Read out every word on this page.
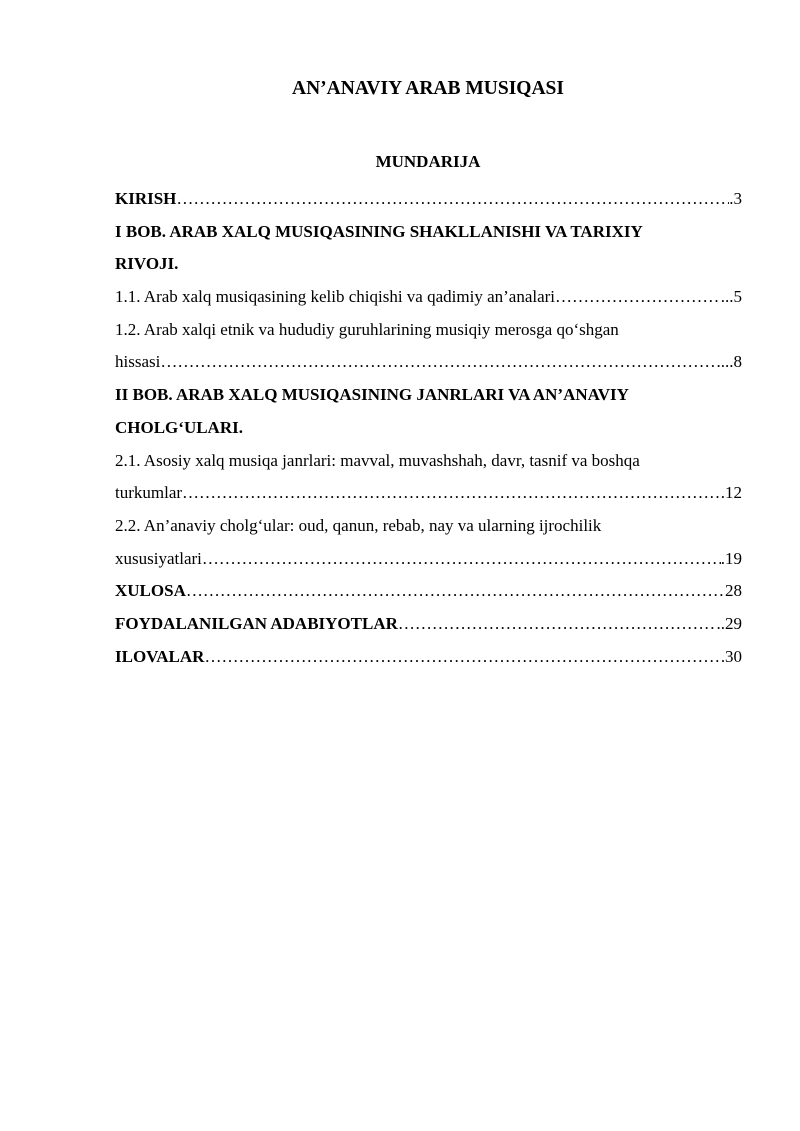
AN’ANAVIY ARAB MUSIQASI
MUNDARIJA
KIRISH ……………………………………………………………………………………………………………………………………………………	.3
I BOB. ARAB XALQ MUSIQASINING SHAKLLANISHI VA TARIXIY
RIVOJI.
1.1. Arab xalq musiqasining kelib chiqishi va qadimiy an’analari ……………………………………………………………………………………………………………………………………………………	...5
1.2. Arab xalqi etnik va hududiy guruhlarining musiqiy merosga qo‘shgan
hissasi ……………………………………………………………………………………………………………………………………………………	....8
II BOB. ARAB XALQ MUSIQASINING JANRLARI VA AN’ANAVIY
CHOLG‘ULARI.
2.1. Asosiy xalq musiqa janrlari: mavval, muvashshah, davr, tasnif va boshqa
turkumlar ……………………………………………………………………………………………………………………………………………………	.12
2.2. An’anaviy cholg‘ular: oud, qanun, rebab, nay va ularning ijrochilik
xususiyatlari ……………………………………………………………………………………………………………………………………………………	.19
XULOSA ……………………………………………………………………………………………………………………………………………………	28
FOYDALANILGAN ADABIYOTLAR ……………………………………………………………………………………………………………………………………………………	..29
ILOVALAR ……………………………………………………………………………………………………………………………………………………	30
